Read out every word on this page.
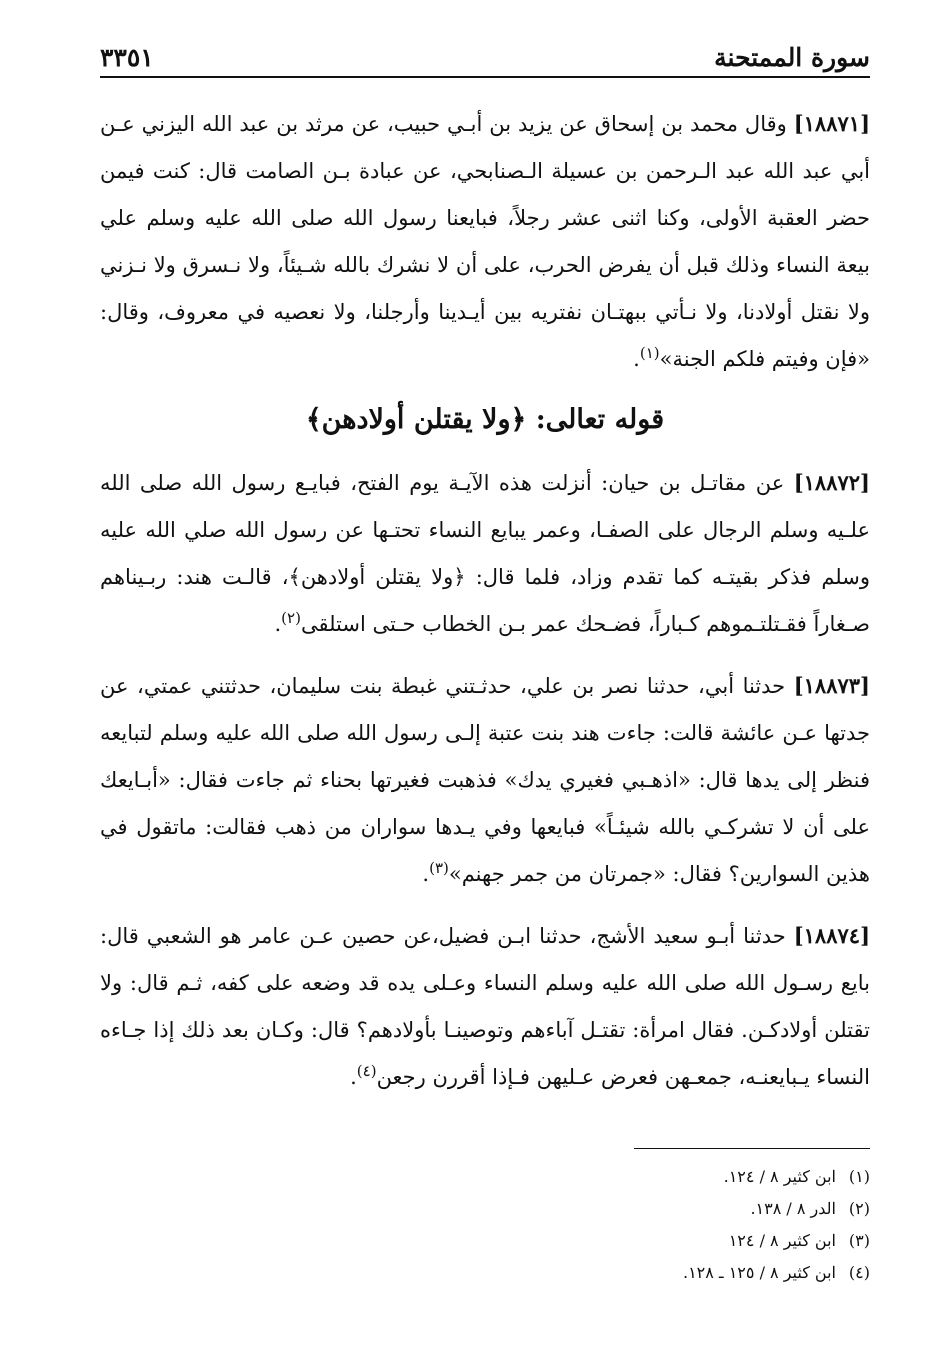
سورة الممتحنة
٣٣٥١

[١٨٨٧١] وقال محمد بن إسحاق عن يزيد بن أبـي حبيب، عن مرثد بن عبد الله اليزني عـن أبي عبد الله عبد الـرحمن بن عسيلة الـصنابحي، عن عبادة بـن الصامت قال: كنت فيمن حضر العقبة الأولى، وكنا اثنى عشر رجلاً، فبايعنا رسول الله صلى الله عليه وسلم علي بيعة النساء وذلك قبل أن يفرض الحرب، على أن لا نشرك بالله شـيئاً، ولا نـسرق ولا نـزني ولا نقتل أولادنا، ولا نـأتي ببهتـان نفتريه بين أيـدينا وأرجلنا، ولا نعصيه في معروف، وقال: «فإن وفيتم فلكم الجنة»$^{(١)}$.

قوله تعالى: ﴿ولا يقتلن أولادهن﴾

[١٨٨٧٢] عن مقاتـل بن حيان: أنزلت هذه الآيـة يوم الفتح، فبايـع رسول الله صلى الله علـيه وسلم الرجال على الصفـا، وعمر يبايع النساء تحتـها عن رسول الله صلي الله عليه وسلم فذكر بقيتـه كما تقدم وزاد، فلما قال: ﴿ولا يقتلن أولادهن﴾، قالـت هند: ربـيناهم صـغاراً فقـتلتـموهم كـباراً، فضـحك عمر بـن الخطاب حـتى استلقى$^{(٢)}$.

[١٨٨٧٣] حدثنا أبي، حدثنا نصر بن علي، حدثـتني غبطة بنت سليمان، حدثتني عمتي، عن جدتها عـن عائشة قالت: جاءت هند بنت عتبة إلـى رسول الله صلى الله عليه وسلم لتبايعه فنظر إلى يدها قال: «اذهـبي فغيري يدك» فذهبت فغيرتها بحناء ثم جاءت فقال: «أبـايعك على أن لا تشركـي بالله شيئـاً» فبايعها وفي يـدها سواران من ذهب فقالت: ماتقول في هذين السوارين؟ فقال: «جمرتان من جمر جهنم»$^{(٣)}$.

[١٨٨٧٤] حدثنا أبـو سعيد الأشج، حدثنا ابـن فضيل،عن حصين عـن عامر هو الشعبي قال: بايع رسـول الله صلى الله عليه وسلم النساء وعـلى يده قد وضعه على كفه، ثـم قال: ولا تقتلن أولادكـن. فقال امرأة: تقتـل آباءهم وتوصينـا بأولادهم؟ قال: وكـان بعد ذلك إذا جـاءه النساء يـبايعنـه، جمعـهن فعرض عـليهن فـإذا أقررن رجعن$^{(٤)}$.

(١)ابن كثير ٨ / ١٢٤.
(٢)الدر ٨ / ١٣٨.
(٣)ابن كثير ٨ / ١٢٤
(٤)ابن كثير ٨ / ١٢٥ ـ ١٢٨.
